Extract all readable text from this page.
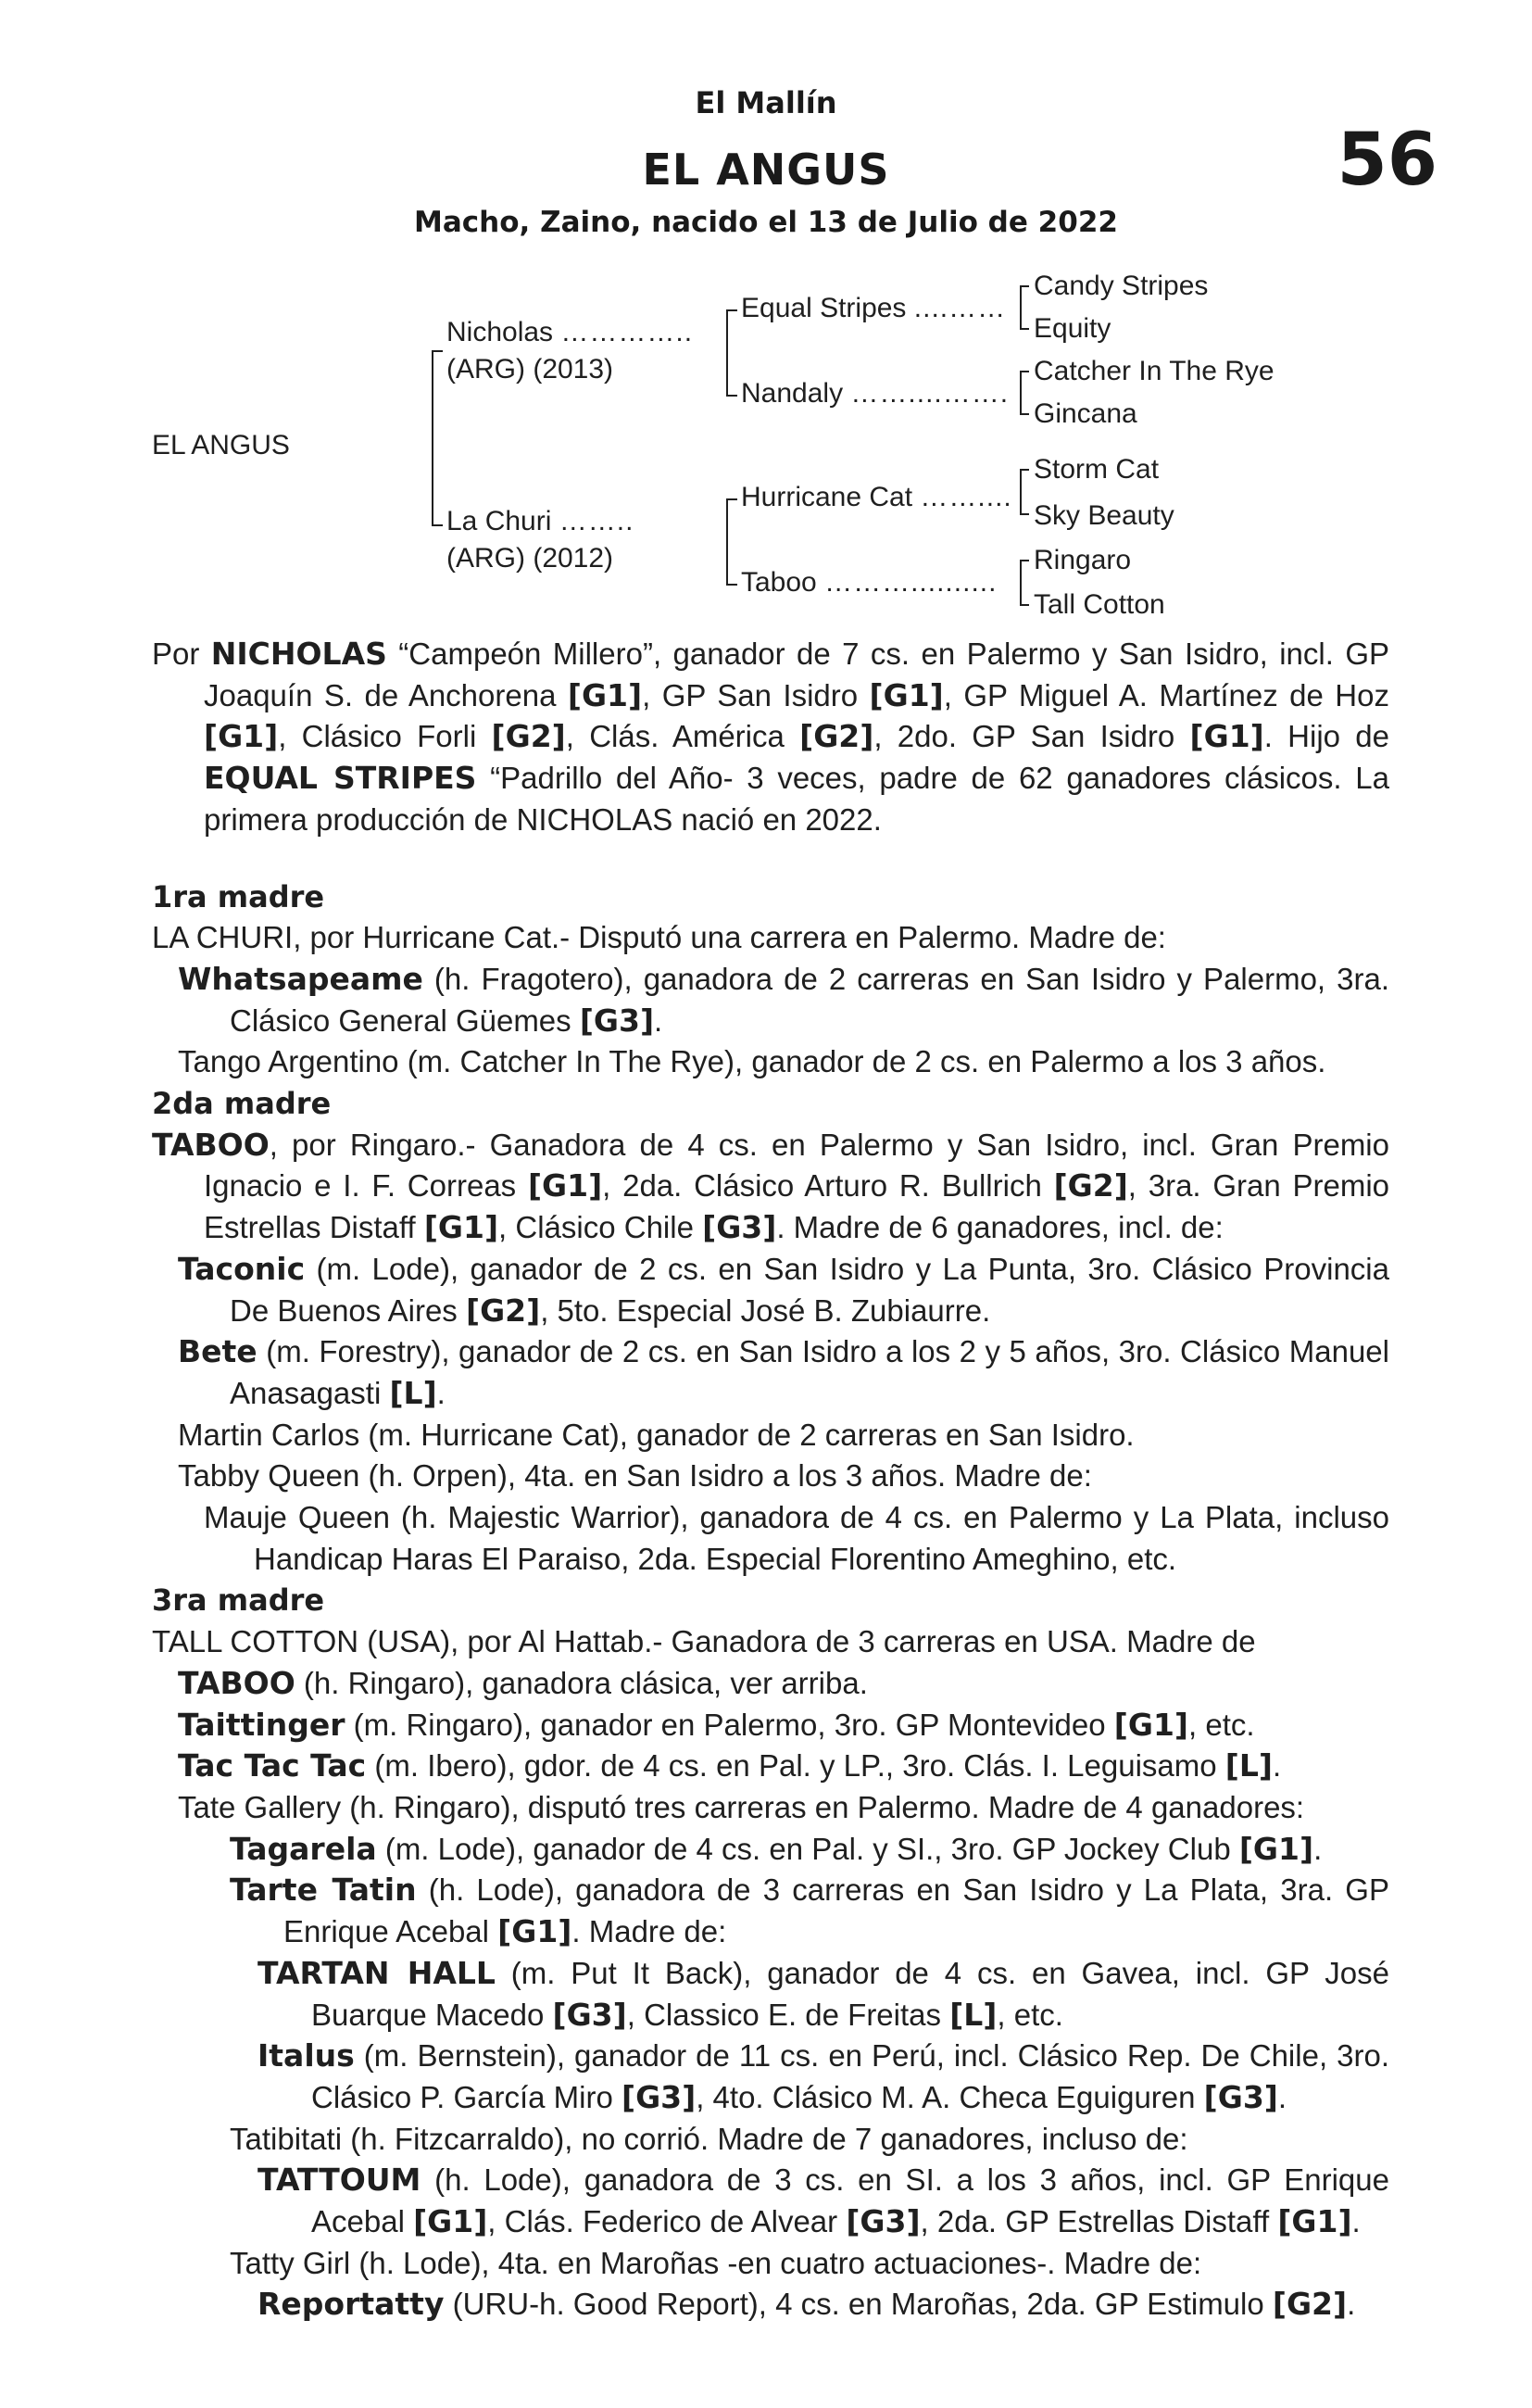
El Mallín
EL ANGUS	56
Macho, Zaino, nacido el 13 de Julio de 2022
EL ANGUS
Nicholas …………..
(ARG) (2013)
La Churi ……..
(ARG) (2012)
Equal Stripes ....……
Nandaly ……....…….
Hurricane Cat ……....
Taboo ………..........
Candy Stripes
Equity
Catcher In The Rye
Gincana
Storm Cat
Sky Beauty
Ringaro
Tall Cotton

Por NICHOLAS “Campeón Millero”, ganador de 7 cs. en Palermo y San Isidro, incl. GP Joaquín S. de Anchorena [G1], GP San Isidro [G1], GP Miguel A. Martínez de Hoz [G1], Clásico Forli [G2], Clás. América [G2], 2do. GP San Isidro [G1]. Hijo de EQUAL STRIPES “Padrillo del Año- 3 veces, padre de 62 ganadores clásicos. La primera producción de NICHOLAS nació en 2022.

1ra madre

LA CHURI, por Hurricane Cat.- Disputó una carrera en Palermo. Madre de:

Whatsapeame (h. Fragotero), ganadora de 2 carreras en San Isidro y Palermo, 3ra. Clásico General Güemes [G3].

Tango Argentino (m. Catcher In The Rye), ganador de 2 cs. en Palermo a los 3 años.

2da madre

TABOO, por Ringaro.- Ganadora de 4 cs. en Palermo y San Isidro, incl. Gran Premio Ignacio e I. F. Correas [G1], 2da. Clásico Arturo R. Bullrich [G2], 3ra. Gran Premio Estrellas Distaff [G1], Clásico Chile [G3]. Madre de 6 ganadores, incl. de:

Taconic (m. Lode), ganador de 2 cs. en San Isidro y La Punta, 3ro. Clásico Provincia De Buenos Aires [G2], 5to. Especial José B. Zubiaurre.

Bete (m. Forestry), ganador de 2 cs. en San Isidro a los 2 y 5 años, 3ro. Clásico Manuel Anasagasti [L].

Martin Carlos (m. Hurricane Cat), ganador de 2 carreras en San Isidro.

Tabby Queen (h. Orpen), 4ta. en San Isidro a los 3 años. Madre de:

Mauje Queen (h. Majestic Warrior), ganadora de 4 cs. en Palermo y La Plata, incluso Handicap Haras El Paraiso, 2da. Especial Florentino Ameghino, etc.

3ra madre

TALL COTTON (USA), por Al Hattab.- Ganadora de 3 carreras en USA. Madre de

TABOO (h. Ringaro), ganadora clásica, ver arriba.

Taittinger (m. Ringaro), ganador en Palermo, 3ro. GP Montevideo [G1], etc.

Tac Tac Tac (m. Ibero), gdor. de 4 cs. en Pal. y LP., 3ro. Clás. I. Leguisamo [L].

Tate Gallery (h. Ringaro), disputó tres carreras en Palermo. Madre de 4 ganadores:

Tagarela (m. Lode), ganador de 4 cs. en Pal. y SI., 3ro. GP Jockey Club [G1].

Tarte Tatin (h. Lode), ganadora de 3 carreras en San Isidro y La Plata, 3ra. GP Enrique Acebal [G1]. Madre de:

TARTAN HALL (m. Put It Back), ganador de 4 cs. en Gavea, incl. GP José Buarque Macedo [G3], Classico E. de Freitas [L], etc.

Italus (m. Bernstein), ganador de 11 cs. en Perú, incl. Clásico Rep. De Chile, 3ro. Clásico P. García Miro [G3], 4to. Clásico M. A. Checa Eguiguren [G3].

Tatibitati (h. Fitzcarraldo), no corrió. Madre de 7 ganadores, incluso de:

TATTOUM (h. Lode), ganadora de 3 cs. en SI. a los 3 años, incl. GP Enrique Acebal [G1], Clás. Federico de Alvear [G3], 2da. GP Estrellas Distaff [G1].

Tatty Girl (h. Lode), 4ta. en Maroñas -en cuatro actuaciones-. Madre de:

Reportatty (URU-h. Good Report), 4 cs. en Maroñas, 2da. GP Estimulo [G2].
